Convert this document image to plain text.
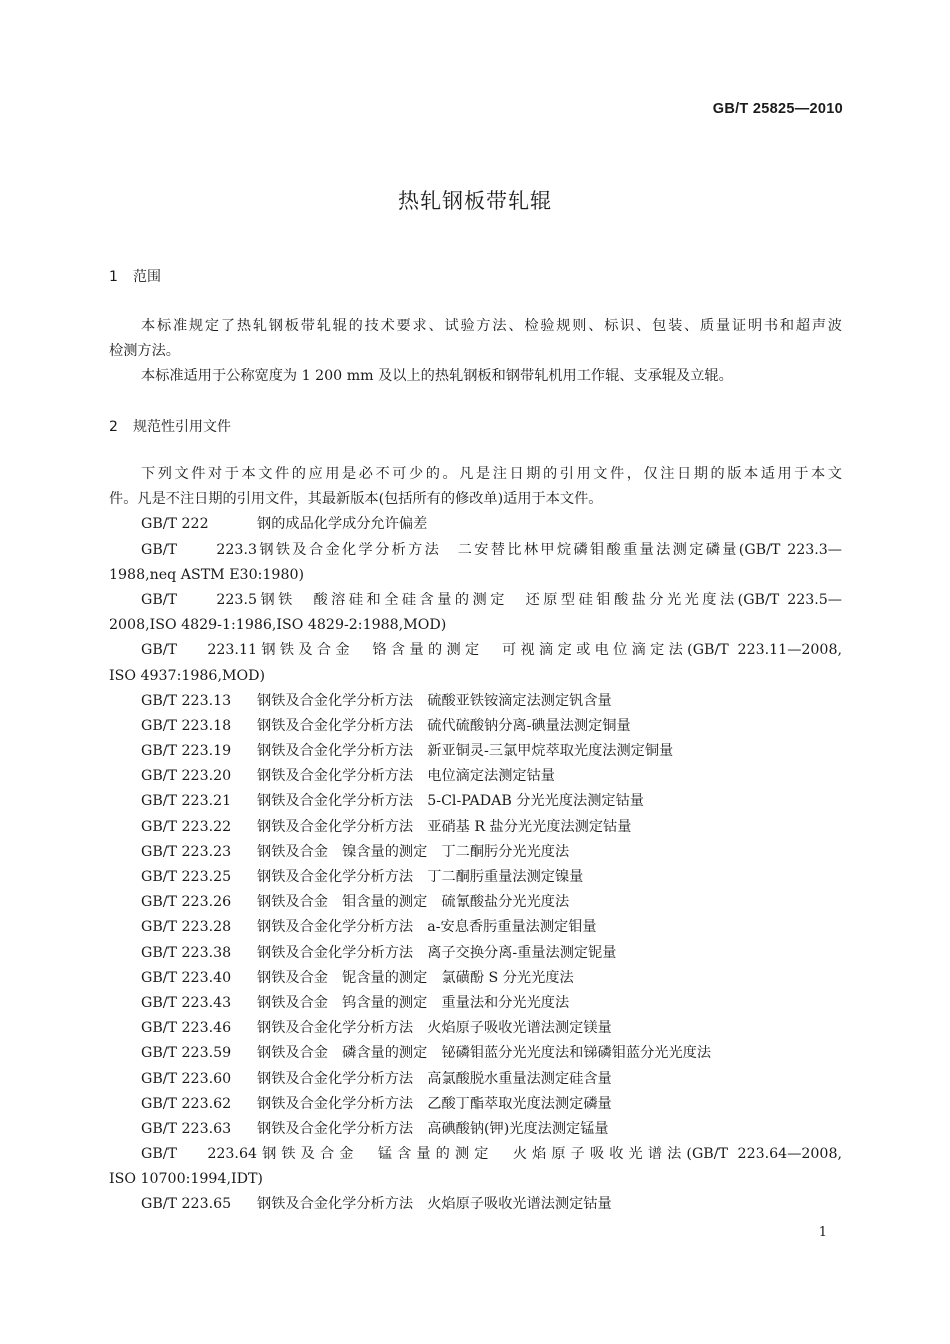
GB/T 25825—2010
热轧钢板带轧辊
1 范围
本标准规定了热轧钢板带轧辊的技术要求、试验方法、检验规则、标识、包装、质量证明书和超声波
检测方法。
本标准适用于公称宽度为 1 200 mm 及以上的热轧钢板和钢带轧机用工作辊、支承辊及立辊。
2 规范性引用文件
下列文件对于本文件的应用是必不可少的。凡是注日期的引用文件，仅注日期的版本适用于本文
件。凡是不注日期的引用文件，其最新版本(包括所有的修改单)适用于本文件。
GB/T 222	钢的成品化学成分允许偏差
GB/T 223.3钢铁及合金化学分析方法　二安替比林甲烷磷钼酸重量法测定磷量(GB/T 223.3—
1988,neq ASTM E30:1980)
GB/T 223.5钢铁　酸溶硅和全硅含量的测定　还原型硅钼酸盐分光光度法(GB/T 223.5—
2008,ISO 4829-1:1986,ISO 4829-2:1988,MOD)
GB/T 223.11钢铁及合金　铬含量的测定　可视滴定或电位滴定法(GB/T 223.11—2008,
ISO 4937:1986,MOD)
GB/T 223.13 钢铁及合金化学分析方法　硫酸亚铁铵滴定法测定钒含量
GB/T 223.18 钢铁及合金化学分析方法　硫代硫酸钠分离-碘量法测定铜量
GB/T 223.19 钢铁及合金化学分析方法　新亚铜灵-三氯甲烷萃取光度法测定铜量
GB/T 223.20 钢铁及合金化学分析方法　电位滴定法测定钴量
GB/T 223.21 钢铁及合金化学分析方法　5-Cl-PADAB 分光光度法测定钴量
GB/T 223.22 钢铁及合金化学分析方法　亚硝基 R 盐分光光度法测定钴量
GB/T 223.23 钢铁及合金　镍含量的测定　丁二酮肟分光光度法
GB/T 223.25 钢铁及合金化学分析方法　丁二酮肟重量法测定镍量
GB/T 223.26 钢铁及合金　钼含量的测定　硫氰酸盐分光光度法
GB/T 223.28 钢铁及合金化学分析方法　a-安息香肟重量法测定钼量
GB/T 223.38 钢铁及合金化学分析方法　离子交换分离-重量法测定铌量
GB/T 223.40 钢铁及合金　铌含量的测定　氯磺酚 S 分光光度法
GB/T 223.43 钢铁及合金　钨含量的测定　重量法和分光光度法
GB/T 223.46 钢铁及合金化学分析方法　火焰原子吸收光谱法测定镁量
GB/T 223.59 钢铁及合金　磷含量的测定　铋磷钼蓝分光光度法和锑磷钼蓝分光光度法
GB/T 223.60 钢铁及合金化学分析方法　高氯酸脱水重量法测定硅含量
GB/T 223.62 钢铁及合金化学分析方法　乙酸丁酯萃取光度法测定磷量
GB/T 223.63 钢铁及合金化学分析方法　高碘酸钠(钾)光度法测定锰量
GB/T 223.64钢铁及合金　锰含量的测定　火焰原子吸收光谱法(GB/T 223.64—2008,
ISO 10700:1994,IDT)
GB/T 223.65 钢铁及合金化学分析方法　火焰原子吸收光谱法测定钴量
1
